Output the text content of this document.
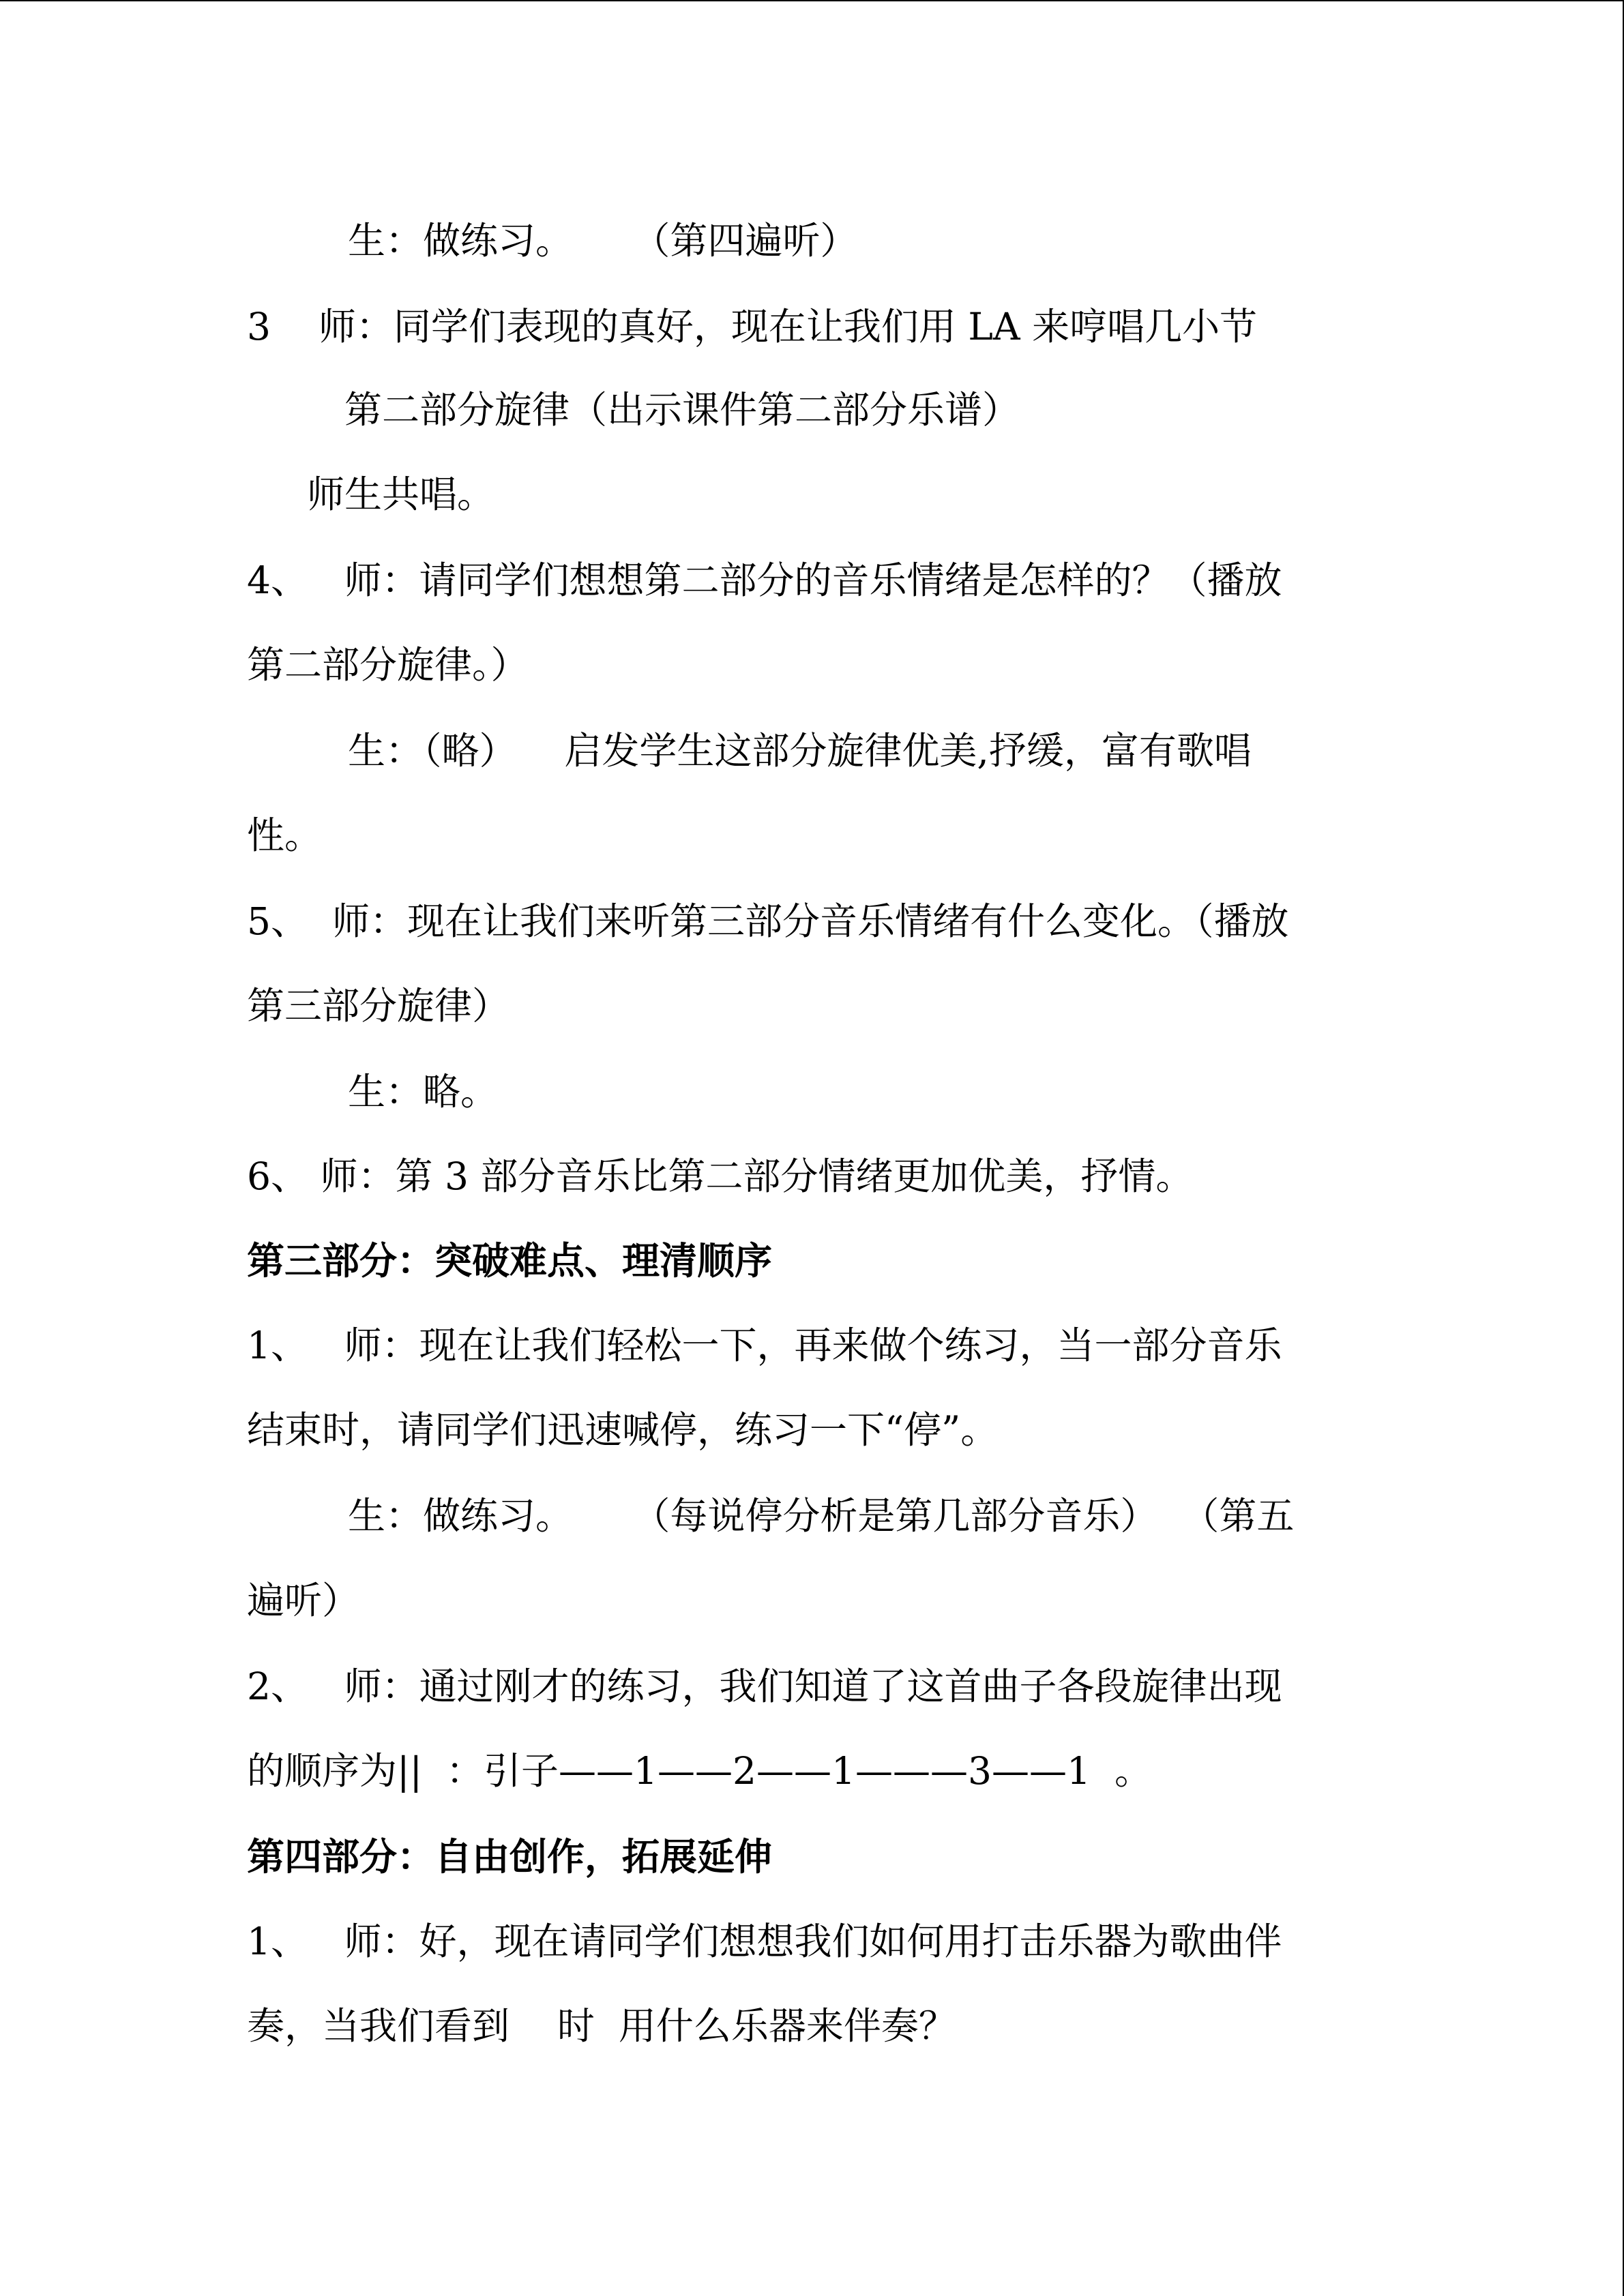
生：做练习。     （第四遍听）

3    师：同学们表现的真好，现在让我们用 LA 来哼唱几小节

第二部分旋律（出示课件第二部分乐谱）

师生共唱。

4、   师：请同学们想想第二部分的音乐情绪是怎样的？（播放

第二部分旋律。）

生：（略）    启发学生这部分旋律优美,抒缓，富有歌唱

性。

5、  师：现在让我们来听第三部分音乐情绪有什么变化。（播放

第三部分旋律）

生：略。

6、 师：第 3 部分音乐比第二部分情绪更加优美，抒情。

第三部分：突破难点、理清顺序

1、   师：现在让我们轻松一下，再来做个练习，当一部分音乐

结束时，请同学们迅速喊停，练习一下“停”。

生：做练习。     （每说停分析是第几部分音乐）  （第五

遍听）

2、   师：通过刚才的练习，我们知道了这首曲子各段旋律出现

的顺序为||  ：引子——1——2——1———3——1  。

第四部分：自由创作，拓展延伸

1、   师：好，现在请同学们想想我们如何用打击乐器为歌曲伴

奏，当我们看到    时  用什么乐器来伴奏？
